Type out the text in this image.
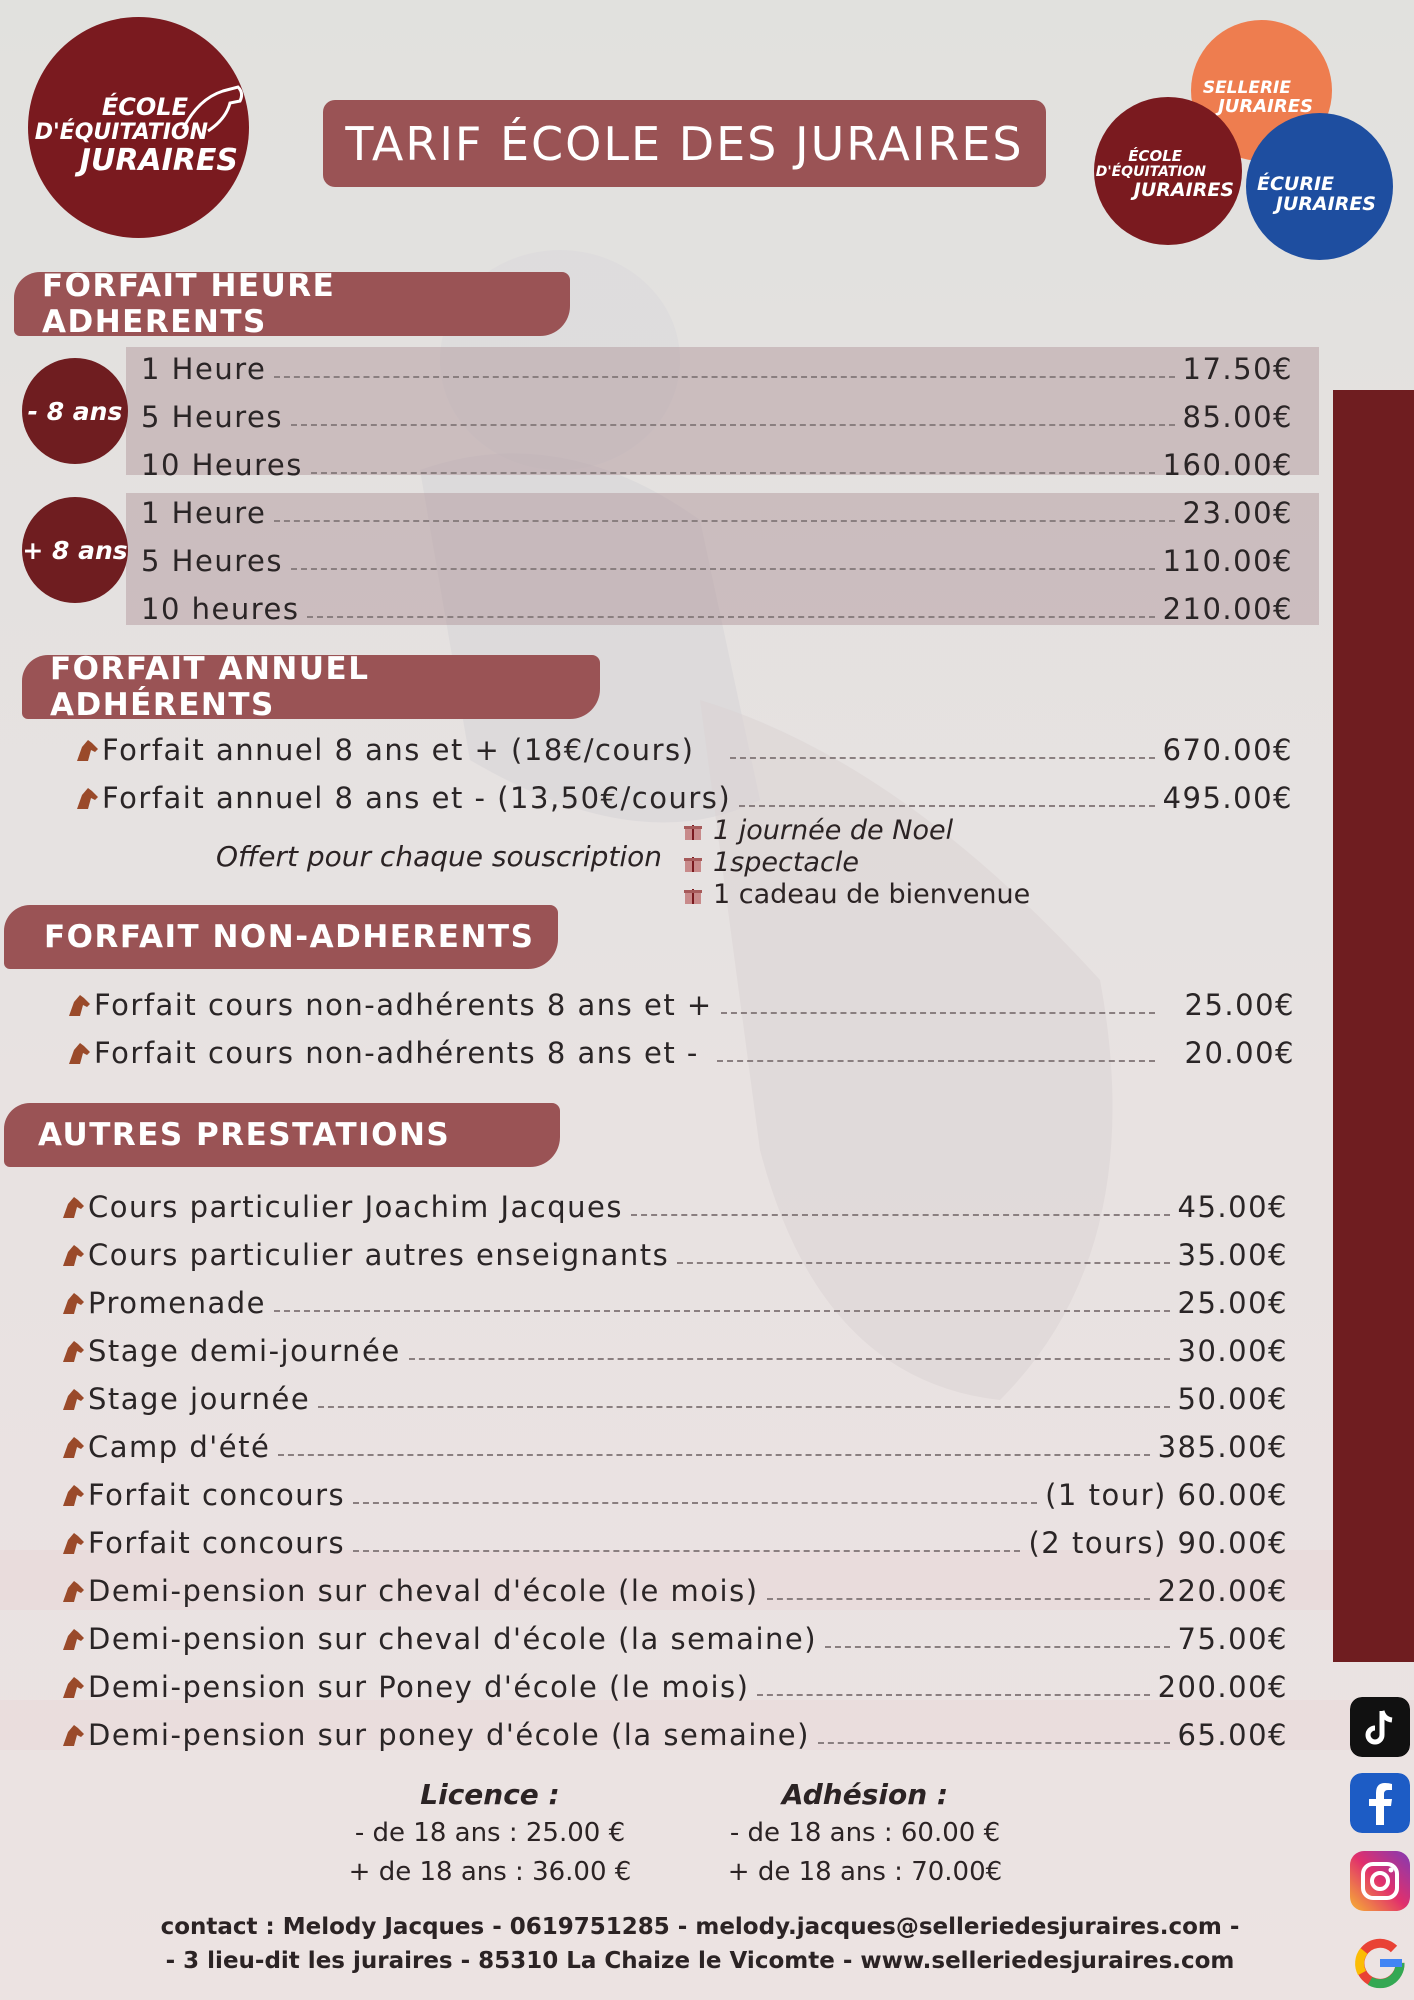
ÉCOLE
D'ÉQUITATION
JURAIRES	TARIF ÉCOLE DES JURAIRES
SELLERIE
JURAIRES
ÉCURIE
JURAIRES
ÉCOLE
D'ÉQUITATION
JURAIRES
FORFAIT HEURE ADHERENTS
- 8 ans
+ 8 ans
1 Heure	17.50€
5 Heures	85.00€
10 Heures	160.00€
1 Heure	23.00€
5 Heures	110.00€
10 heures	210.00€
FORFAIT ANNUEL ADHÉRENTS
Forfait annuel 8 ans et + (18€/cours)	670.00€
Forfait annuel 8 ans et - (13,50€/cours)	495.00€
Offert pour chaque souscription
1 journée de Noel
1spectacle
1 cadeau de bienvenue
FORFAIT NON-ADHERENTS
Forfait cours non-adhérents 8 ans et +	25.00€
Forfait cours non-adhérents 8 ans et -	20.00€
AUTRES PRESTATIONS
Cours particulier Joachim Jacques	45.00€
Cours particulier autres enseignants	35.00€
Promenade	25.00€
Stage demi-journée	30.00€
Stage journée	50.00€
Camp d'été	385.00€
Forfait concours	(1 tour) 60.00€
Forfait concours	(2 tours) 90.00€
Demi-pension sur cheval d'école (le mois)	220.00€
Demi-pension sur cheval d'école (la semaine)	75.00€
Demi-pension sur Poney d'école (le mois)	200.00€
Demi-pension sur poney d'école (la semaine)	65.00€
Licence :
- de 18 ans : 25.00 €
+ de 18 ans : 36.00 €
Adhésion :
- de 18 ans : 60.00 €
+ de 18 ans : 70.00€
contact : Melody Jacques - 0619751285 - melody.jacques@selleriedesjuraires.com -
- 3 lieu-dit les juraires - 85310 La Chaize le Vicomte - www.selleriedesjuraires.com
